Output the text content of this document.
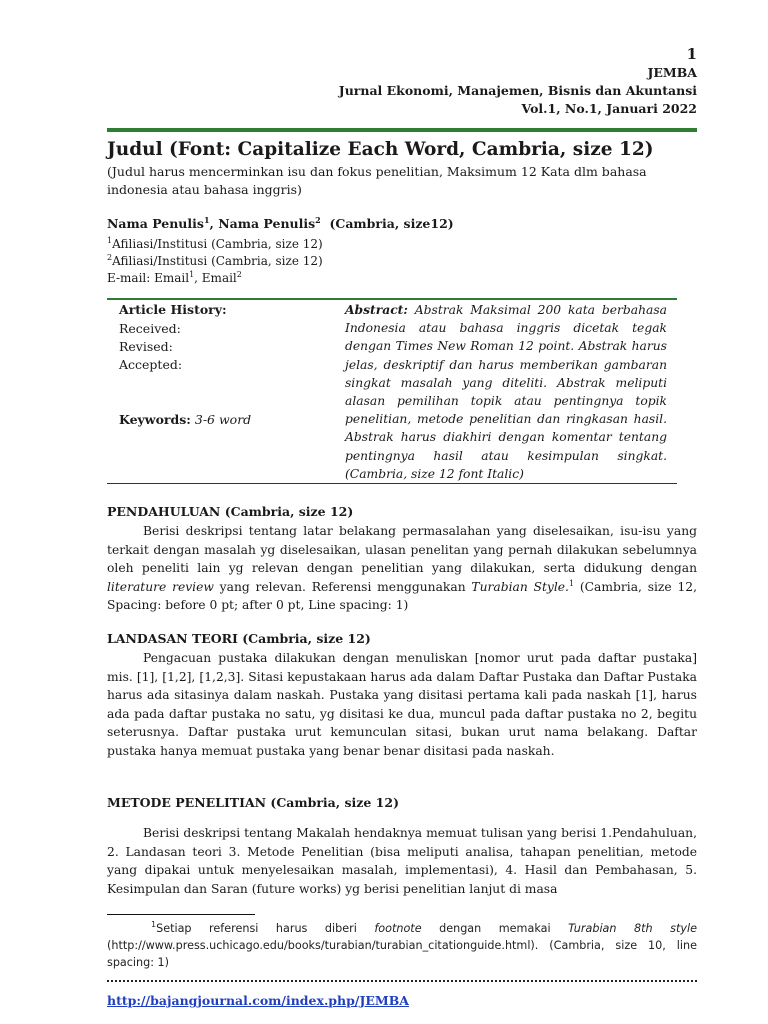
1
JEMBA
Jurnal Ekonomi, Manajemen, Bisnis dan Akuntansi
Vol.1, No.1, Januari 2022
Judul (Font: Capitalize Each Word, Cambria, size 12)
(Judul harus mencerminkan isu dan fokus penelitian, Maksimum 12 Kata dlm bahasa indonesia atau bahasa inggris)
Nama Penulis$^1$, Nama Penulis$^2$ (Cambria, size12)
$^1$Afiliasi/Institusi (Cambria, size 12)
$^2$Afiliasi/Institusi (Cambria, size 12)
E-mail: Email$^1$, Email$^2$
Article History:
Received:
Revised:
Accepted:
Keywords: 3-6 word
Abstract: Abstrak Maksimal 200 kata berbahasa Indonesia atau bahasa inggris dicetak tegak dengan Times New Roman 12 point. Abstrak harus jelas, deskriptif dan harus memberikan gambaran singkat masalah yang diteliti. Abstrak meliputi alasan pemilihan topik atau pentingnya topik penelitian, metode penelitian dan ringkasan hasil. Abstrak harus diakhiri dengan komentar tentang pentingnya hasil atau kesimpulan singkat. (Cambria, size 12 font Italic)
PENDAHULUAN (Cambria, size 12)
Berisi deskripsi tentang latar belakang permasalahan yang diselesaikan, isu-isu yang terkait dengan masalah yg diselesaikan, ulasan penelitan yang pernah dilakukan sebelumnya oleh peneliti lain yg relevan dengan penelitian yang dilakukan, serta didukung dengan literature review yang relevan. Referensi menggunakan Turabian Style.$^1$ (Cambria, size 12, Spacing: before 0 pt; after 0 pt, Line spacing: 1)
LANDASAN TEORI (Cambria, size 12)
Pengacuan pustaka dilakukan dengan menuliskan [nomor urut pada daftar pustaka] mis. [1], [1,2], [1,2,3]. Sitasi kepustakaan harus ada dalam Daftar Pustaka dan Daftar Pustaka harus ada sitasinya dalam naskah. Pustaka yang disitasi pertama kali pada naskah [1], harus ada pada daftar pustaka no satu, yg disitasi ke dua, muncul pada daftar pustaka no 2, begitu seterusnya. Daftar pustaka urut kemunculan sitasi, bukan urut nama belakang. Daftar pustaka hanya memuat pustaka yang benar benar disitasi pada naskah.
METODE PENELITIAN (Cambria, size 12)
Berisi deskripsi tentang Makalah hendaknya memuat tulisan yang berisi 1.Pendahuluan, 2. Landasan teori 3. Metode Penelitian (bisa meliputi analisa, tahapan penelitian, metode yang dipakai untuk menyelesaikan masalah, implementasi), 4. Hasil dan Pembahasan, 5. Kesimpulan dan Saran (future works) yg berisi penelitian lanjut di masa
$^1$Setiap referensi harus diberi footnote dengan memakai Turabian 8th style (http://www.press.uchicago.edu/books/turabian/turabian_citationguide.html). (Cambria, size 10, line spacing: 1)
http://bajangjournal.com/index.php/JEMBA
